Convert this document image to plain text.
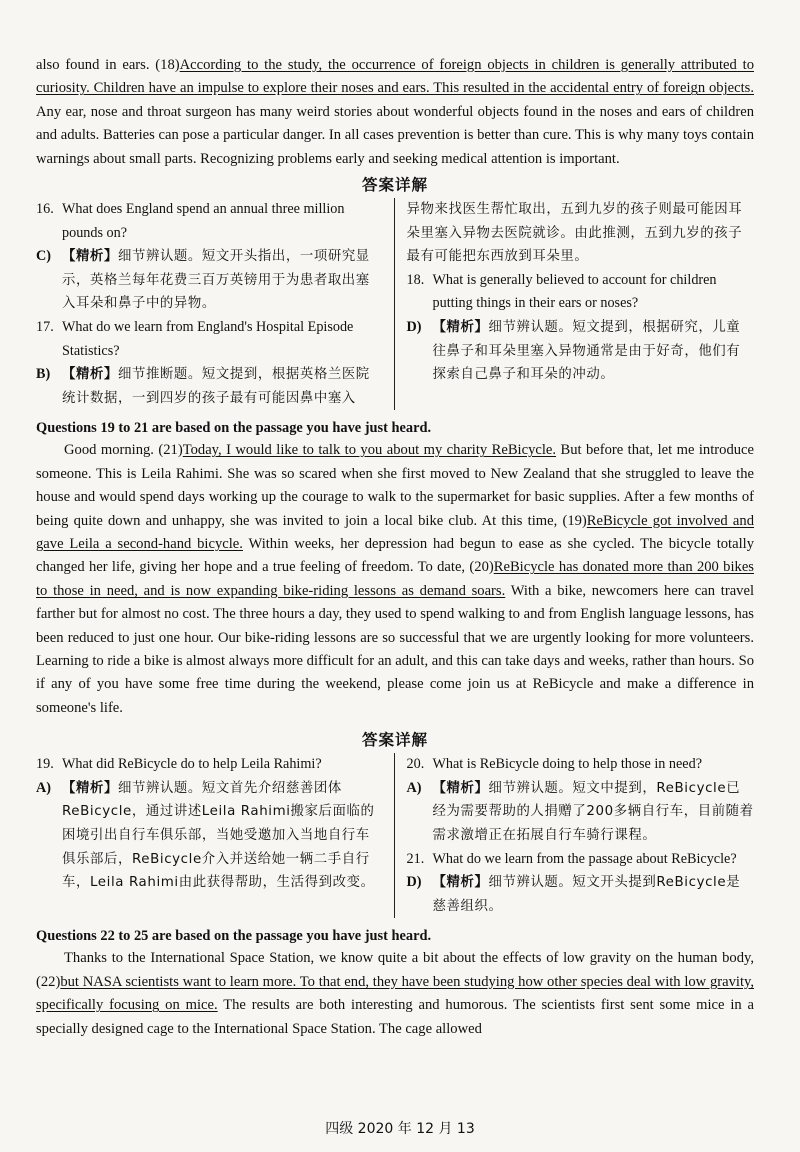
also found in ears. (18)According to the study, the occurrence of foreign objects in children is generally attributed to curiosity. Children have an impulse to explore their noses and ears. This resulted in the accidental entry of foreign objects. Any ear, nose and throat surgeon has many weird stories about wonderful objects found in the noses and ears of children and adults. Batteries can pose a particular danger. In all cases prevention is better than cure. This is why many toys contain warnings about small parts. Recognizing problems early and seeking medical attention is important.

答案详解
16. What does England spend an annual three million pounds on?
C) 【精析】细节辨认题。短文开头指出，一项研究显示，英格兰每年花费三百万英镑用于为患者取出塞入耳朵和鼻子中的异物。
17. What do we learn from England's Hospital Episode Statistics?
B) 【精析】细节推断题。短文提到，根据英格兰医院统计数据，一到四岁的孩子最有可能因鼻中塞入
异物来找医生帮忙取出，五到九岁的孩子则最可能因耳朵里塞入异物去医院就诊。由此推测，五到九岁的孩子最有可能把东西放到耳朵里。
18. What is generally believed to account for children putting things in their ears or noses?
D) 【精析】细节辨认题。短文提到，根据研究，儿童往鼻子和耳朵里塞入异物通常是由于好奇，他们有探索自己鼻子和耳朵的冲动。

Questions 19 to 21 are based on the passage you have just heard.

Good morning. (21)Today, I would like to talk to you about my charity ReBicycle. But before that, let me introduce someone. This is Leila Rahimi. She was so scared when she first moved to New Zealand that she struggled to leave the house and would spend days working up the courage to walk to the supermarket for basic supplies. After a few months of being quite down and unhappy, she was invited to join a local bike club. At this time, (19)ReBicycle got involved and gave Leila a second-hand bicycle. Within weeks, her depression had begun to ease as she cycled. The bicycle totally changed her life, giving her hope and a true feeling of freedom. To date, (20)ReBicycle has donated more than 200 bikes to those in need, and is now expanding bike-riding lessons as demand soars. With a bike, newcomers here can travel farther but for almost no cost. The three hours a day, they used to spend walking to and from English language lessons, has been reduced to just one hour. Our bike-riding lessons are so successful that we are urgently looking for more volunteers. Learning to ride a bike is almost always more difficult for an adult, and this can take days and weeks, rather than hours. So if any of you have some free time during the weekend, please come join us at ReBicycle and make a difference in someone's life.

答案详解
19. What did ReBicycle do to help Leila Rahimi?
A) 【精析】细节辨认题。短文首先介绍慈善团体ReBicycle，通过讲述Leila Rahimi搬家后面临的困境引出自行车俱乐部，当她受邀加入当地自行车俱乐部后，ReBicycle介入并送给她一辆二手自行车，Leila Rahimi由此获得帮助，生活得到改变。
20. What is ReBicycle doing to help those in need?
A) 【精析】细节辨认题。短文中提到，ReBicycle已经为需要帮助的人捐赠了200多辆自行车，目前随着需求激增正在拓展自行车骑行课程。
21. What do we learn from the passage about ReBicycle?
D) 【精析】细节辨认题。短文开头提到ReBicycle是慈善组织。

Questions 22 to 25 are based on the passage you have just heard.

Thanks to the International Space Station, we know quite a bit about the effects of low gravity on the human body, (22)but NASA scientists want to learn more. To that end, they have been studying how other species deal with low gravity, specifically focusing on mice. The results are both interesting and humorous. The scientists first sent some mice in a specially designed cage to the International Space Station. The cage allowed

四级 2020 年 12 月 13
